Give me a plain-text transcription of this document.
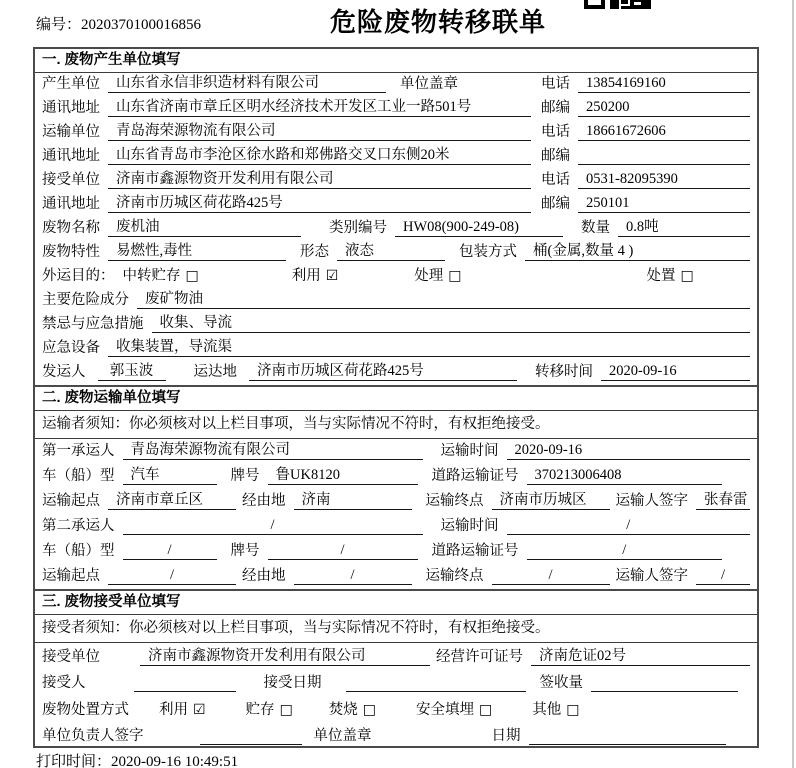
编号：2020370100016856	危险废物转移联单
一. 废物产生单位填写
产生单位	山东省永信非织造材料有限公司	单位盖章	电话	13854169160
通讯地址	山东省济南市章丘区明水经济技术开发区工业一路501号	邮编	250200
运输单位	青岛海荣源物流有限公司	电话	18661672606
通讯地址	山东省青岛市李沧区徐水路和郑佛路交叉口东侧20米	邮编
接受单位	济南市鑫源物资开发利用有限公司	电话	0531-82095390
通讯地址	济南市历城区荷花路425号	邮编	250101
废物名称	废机油	类别编号	HW08(900-249-08)	数量	0.8吨
废物特性	易燃性,毒性	形态	液态	包装方式	桶(金属,数量 4 )
外运目的： 中转贮存 □	利用 ☑	处理 □	处置 □
主要危险成分	废矿物油
禁忌与应急措施	收集、导流
应急设备	收集装置，导流渠
发运人	郭玉波	运达地	济南市历城区荷花路425号	转移时间	2020-09-16
二. 废物运输单位填写
运输者须知：你必须核对以上栏目事项，当与实际情况不符时，有权拒绝接受。
第一承运人	青岛海荣源物流有限公司	运输时间	2020-09-16
车（船）型	汽车	牌号	鲁UK8120	道路运输证号	370213006408
运输起点	济南市章丘区	经由地	济南	运输终点	济南市历城区	运输人签字	张春雷
第二承运人	/	运输时间	/
车（船）型	/	牌号	/	道路运输证号	/
运输起点	/	经由地	/	运输终点	/	运输人签字	/
三. 废物接受单位填写
接受者须知：你必须核对以上栏目事项，当与实际情况不符时，有权拒绝接受。
接受单位	济南市鑫源物资开发利用有限公司	经营许可证号	济南危证02号
接受人	接受日期	签收量
废物处置方式 利用 ☑	贮存 □ 焚烧 □	安全填埋 □	其他 □
单位负责人签字	单位盖章	日期
打印时间：2020-09-16 10:49:51
